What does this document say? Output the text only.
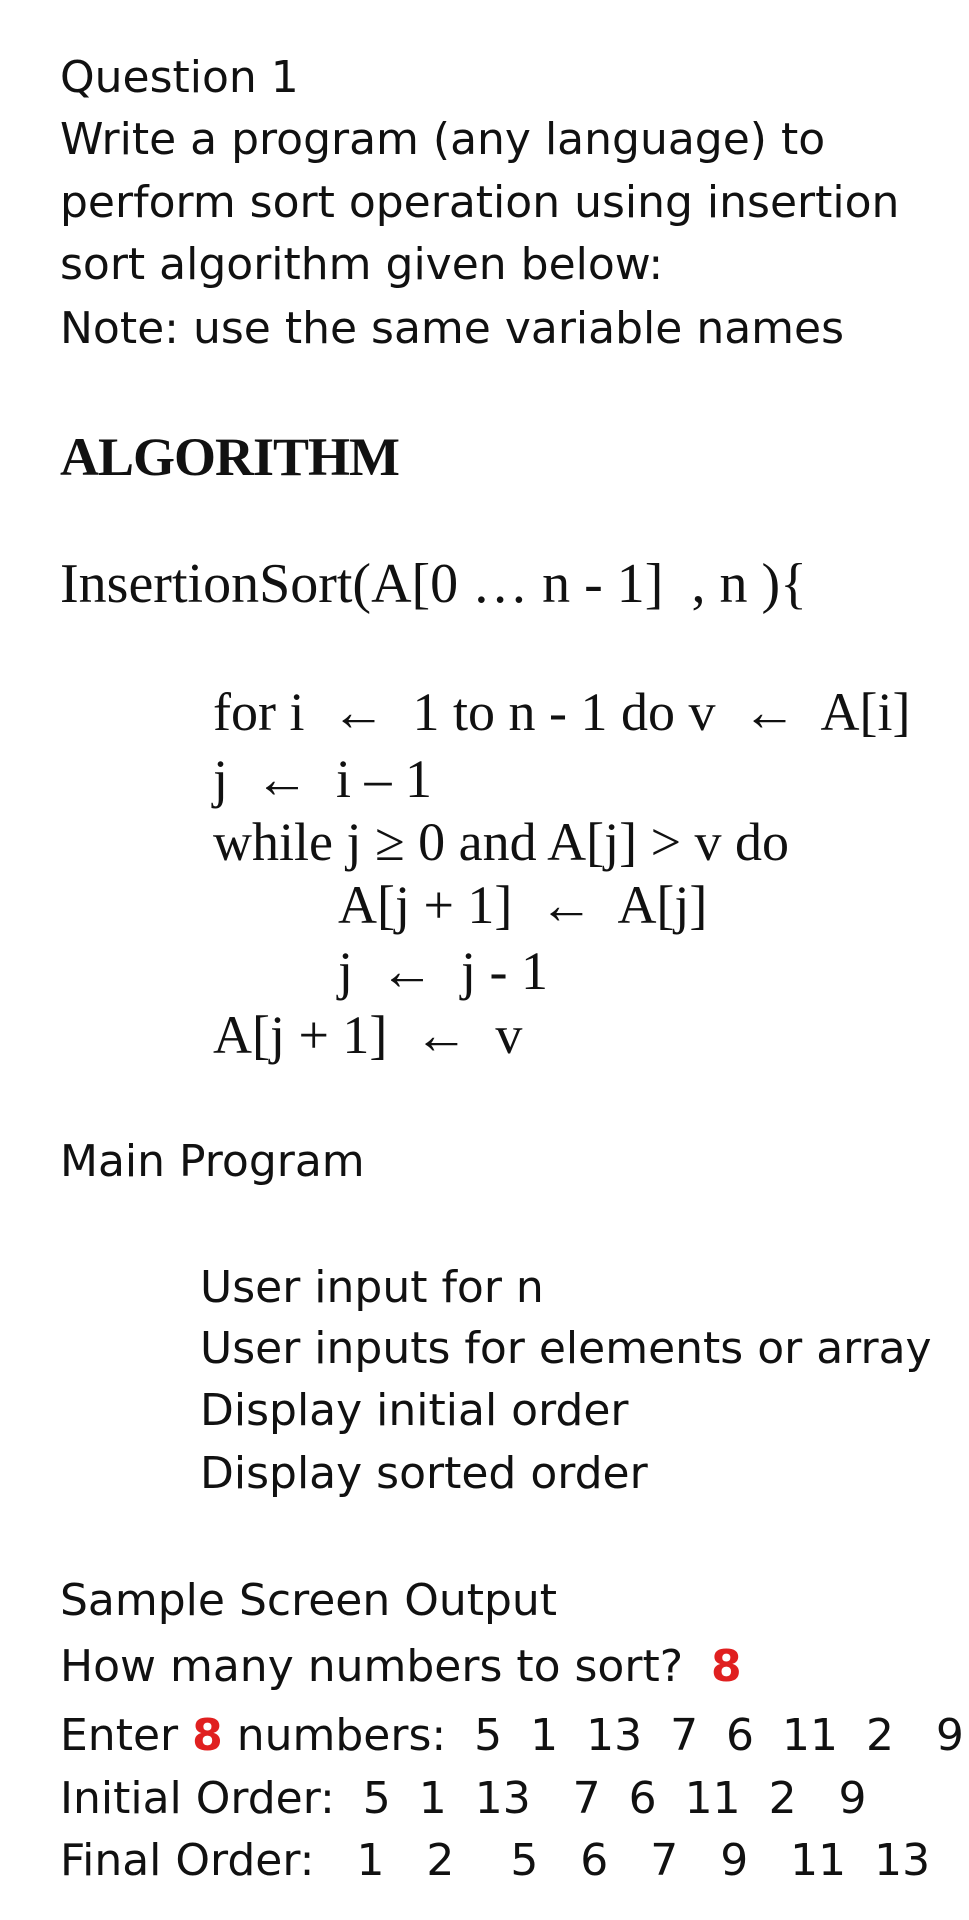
Question 1
Write a program (any language) to
perform sort operation using insertion
sort algorithm given below:
Note: use the same variable names
ALGORITHM
InsertionSort(A[0 … n - 1]  , n ){
for i  ←  1 to n - 1 do v  ←  A[i]
j  ←  i – 1
while j ≥ 0 and A[j] > v do
A[j + 1]  ←  A[j]
j  ←  j - 1
A[j + 1]  ←  v
Main Program
User input for n
User inputs for elements or array
Display initial order
Display sorted order
Sample Screen Output
How many numbers to sort? 8
Enter 8 numbers:  5  1  13  7  6  11  2   9
Initial Order:  5  1  13   7  6  11  2   9
Final Order:   1   2    5   6   7   9   11  13
